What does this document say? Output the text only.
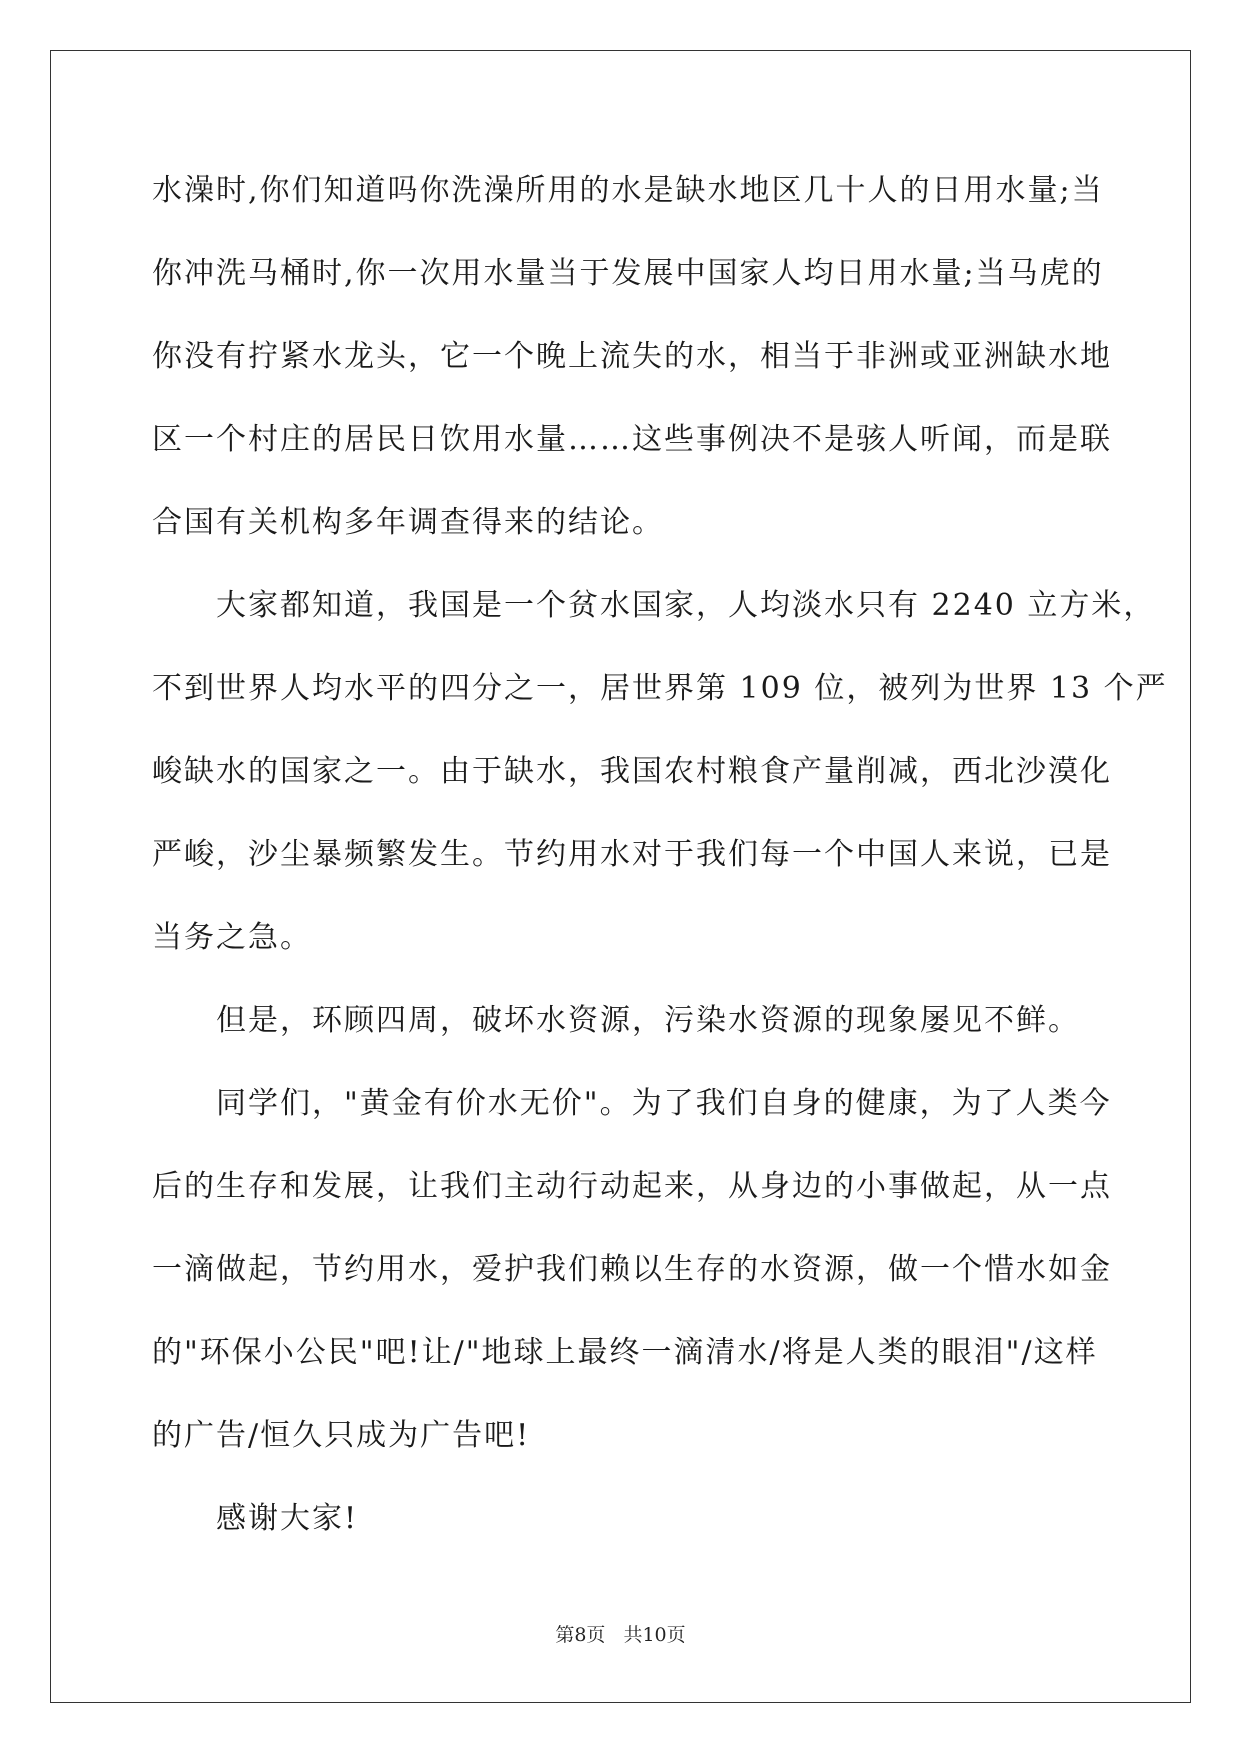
水澡时,你们知道吗你洗澡所用的水是缺水地区几十人的日用水量;当
你冲洗马桶时,你一次用水量当于发展中国家人均日用水量;当马虎的
你没有拧紧水龙头，它一个晚上流失的水，相当于非洲或亚洲缺水地
区一个村庄的居民日饮用水量……这些事例决不是骇人听闻，而是联
合国有关机构多年调查得来的结论。
大家都知道，我国是一个贫水国家，人均淡水只有 2240 立方米，
不到世界人均水平的四分之一，居世界第 109 位，被列为世界 13 个严
峻缺水的国家之一。由于缺水，我国农村粮食产量削减，西北沙漠化
严峻，沙尘暴频繁发生。节约用水对于我们每一个中国人来说，已是
当务之急。
但是，环顾四周，破坏水资源，污染水资源的现象屡见不鲜。
同学们，"黄金有价水无价"。为了我们自身的健康，为了人类今
后的生存和发展，让我们主动行动起来，从身边的小事做起，从一点
一滴做起，节约用水，爱护我们赖以生存的水资源，做一个惜水如金
的"环保小公民"吧!让/"地球上最终一滴清水/将是人类的眼泪"/这样
的广告/恒久只成为广告吧!
感谢大家!
第8页 共10页
